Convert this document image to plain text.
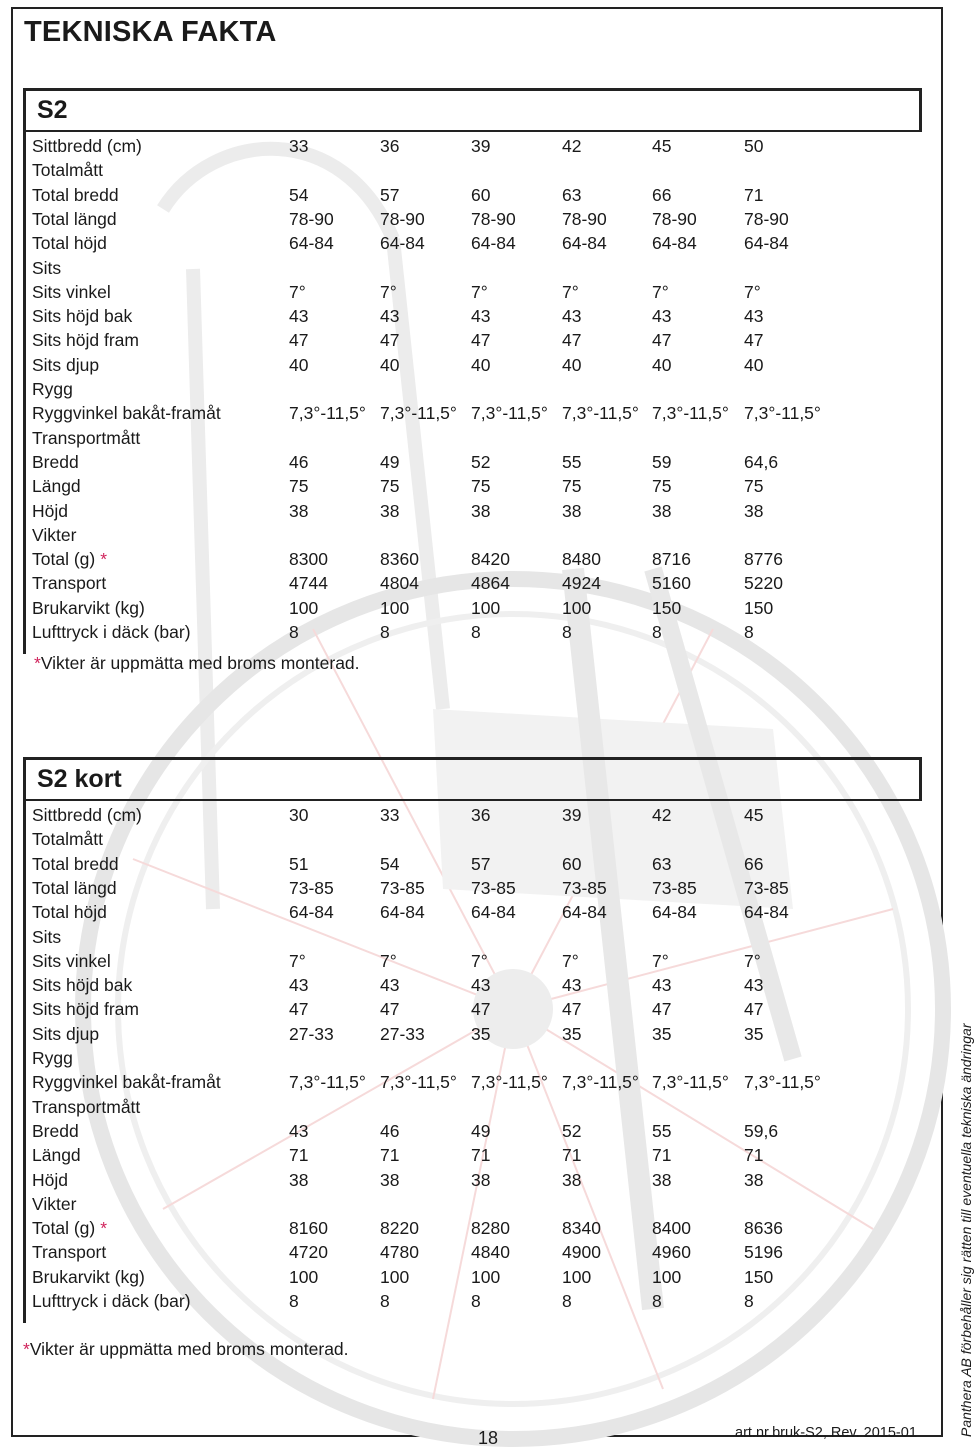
TEKNISKA FAKTA
S2
Sittbredd (cm)	33	36	39	42	45	50
Totalmått
Total bredd	54	57	60	63	66	71
Total längd	78-90	78-90	78-90	78-90	78-90	78-90
Total höjd	64-84	64-84	64-84	64-84	64-84	64-84
Sits
Sits vinkel	7°	7°	7°	7°	7°	7°
Sits höjd bak	43	43	43	43	43	43
Sits höjd fram	47	47	47	47	47	47
Sits djup	40	40	40	40	40	40
Rygg
Ryggvinkel bakåt-framåt	7,3°-11,5° 7,3°-11,5° 7,3°-11,5° 7,3°-11,5° 7,3°-11,5° 7,3°-11,5°
Transportmått
Bredd	46	49	52	55	59	64,6
Längd	75	75	75	75	75	75
Höjd	38	38	38	38	38	38
Vikter
Total (g) *	8300	8360	8420	8480	8716	8776
Transport	4744	4804	4864	4924	5160	5220
Brukarvikt (kg)	100	100	100	100	150	150
Lufttryck i däck (bar)	8	8	8	8	8	8
*Vikter är uppmätta med broms monterad.
S2 kort
Sittbredd (cm)	30	33	36	39	42	45
Totalmått
Total bredd	51	54	57	60	63	66
Total längd	73-85	73-85	73-85	73-85	73-85	73-85
Total höjd	64-84	64-84	64-84	64-84	64-84	64-84
Sits
Sits vinkel	7°	7°	7°	7°	7°	7°
Sits höjd bak	43	43	43	43	43	43
Sits höjd fram	47	47	47	47	47	47
Sits djup	27-33	27-33	35	35	35	35
Rygg
Ryggvinkel bakåt-framåt	7,3°-11,5° 7,3°-11,5° 7,3°-11,5° 7,3°-11,5° 7,3°-11,5° 7,3°-11,5°
Transportmått
Bredd	43	46	49	52	55	59,6
Längd	71	71	71	71	71	71
Höjd	38	38	38	38	38	38
Vikter
Total (g) *	8160	8220	8280	8340	8400	8636
Transport	4720	4780	4840	4900	4960	5196
Brukarvikt (kg)	100	100	100	100	100	150
Lufttryck i däck (bar)	8	8	8	8	8	8
*Vikter är uppmätta med broms monterad.	Panthera AB förbehåller sig rätten till eventuella tekniska ändringar
18	art.nr.bruk-S2, Rev. 2015-01
